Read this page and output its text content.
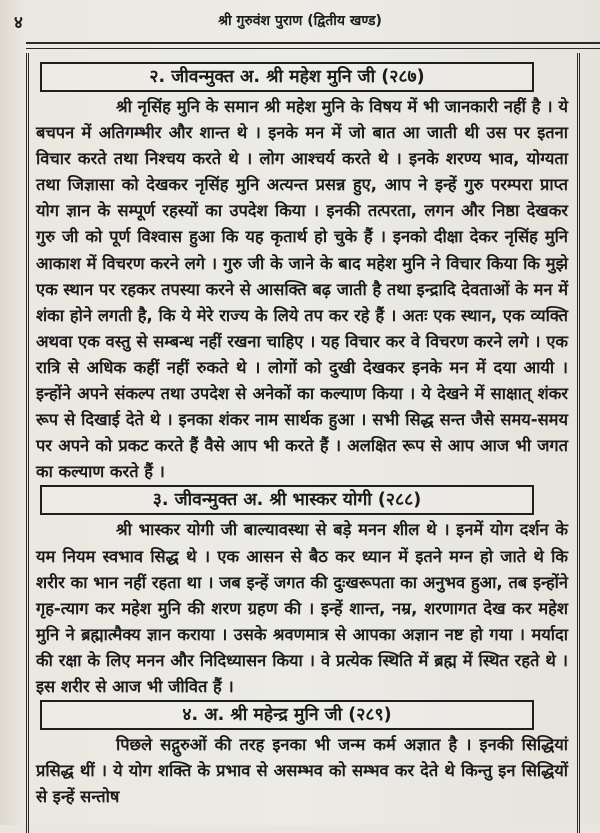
४	श्री गुरुवंश पुराण (द्वितीय खण्ड)
२. जीवन्मुक्त अ. श्री महेश मुनि जी (२८७)

श्री नृसिंह मुनि के समान श्री महेश मुनि के विषय में भी जानकारी नहीं है । ये बचपन में अतिगम्भीर और शान्त थे । इनके मन में जो बात आ जाती थी उस पर इतना विचार करते तथा निश्चय करते थे । लोग आश्चर्य करते थे । इनके शरण्य भाव, योग्यता तथा जिज्ञासा को देखकर नृसिंह मुनि अत्यन्त प्रसन्न हुए, आप ने इन्हें गुरु परम्परा प्राप्त योग ज्ञान के सम्पूर्ण रहस्यों का उपदेश किया । इनकी तत्परता, लगन और निष्ठा देखकर गुरु जी को पूर्ण विश्वास हुआ कि यह कृतार्थ हो चुके हैं । इनको दीक्षा देकर नृसिंह मुनि आकाश में विचरण करने लगे । गुरु जी के जाने के बाद महेश मुनि ने विचार किया कि मुझे एक स्थान पर रहकर तपस्या करने से आसक्ति बढ़ जाती है तथा इन्द्रादि देवताओं के मन में शंका होने लगती है, कि ये मेरे राज्य के लिये तप कर रहे हैं । अतः एक स्थान, एक व्यक्ति अथवा एक वस्तु से सम्बन्ध नहीं रखना चाहिए । यह विचार कर वे विचरण करने लगे । एक रात्रि से अधिक कहीं नहीं रुकते थे । लोगों को दुखी देखकर इनके मन में दया आयी । इन्होंने अपने संकल्प तथा उपदेश से अनेकों का कल्याण किया । ये देखने में साक्षात् शंकर रूप से दिखाई देते थे । इनका शंकर नाम सार्थक हुआ । सभी सिद्ध सन्त जैसे समय-समय पर अपने को प्रकट करते हैं वैसे आप भी करते हैं । अलक्षित रूप से आप आज भी जगत का कल्याण करते हैं ।

३. जीवन्मुक्त अ. श्री भास्कर योगी (२८८)

श्री भास्कर योगी जी बाल्यावस्था से बड़े मनन शील थे । इनमें योग दर्शन के यम नियम स्वभाव सिद्ध थे । एक आसन से बैठ कर ध्यान में इतने मग्न हो जाते थे कि शरीर का भान नहीं रहता था । जब इन्हें जगत की दुःखरूपता का अनुभव हुआ, तब इन्होंने गृह-त्याग कर महेश मुनि की शरण ग्रहण की । इन्हें शान्त, नम्र, शरणागत देख कर महेश मुनि ने ब्रह्मात्मैक्य ज्ञान कराया । उसके श्रवणमात्र से आपका अज्ञान नष्ट हो गया । मर्यादा की रक्षा के लिए मनन और निदिध्यासन किया । वे प्रत्येक स्थिति में ब्रह्म में स्थित रहते थे । इस शरीर से आज भी जीवित हैं ।

४. अ. श्री महेन्द्र मुनि जी (२८९)

पिछले सद्गुरुओं की तरह इनका भी जन्म कर्म अज्ञात है । इनकी सिद्धियां प्रसिद्ध थीं । ये योग शक्ति के प्रभाव से असम्भव को सम्भव कर देते थे किन्तु इन सिद्धियों से इन्हें सन्तोष
